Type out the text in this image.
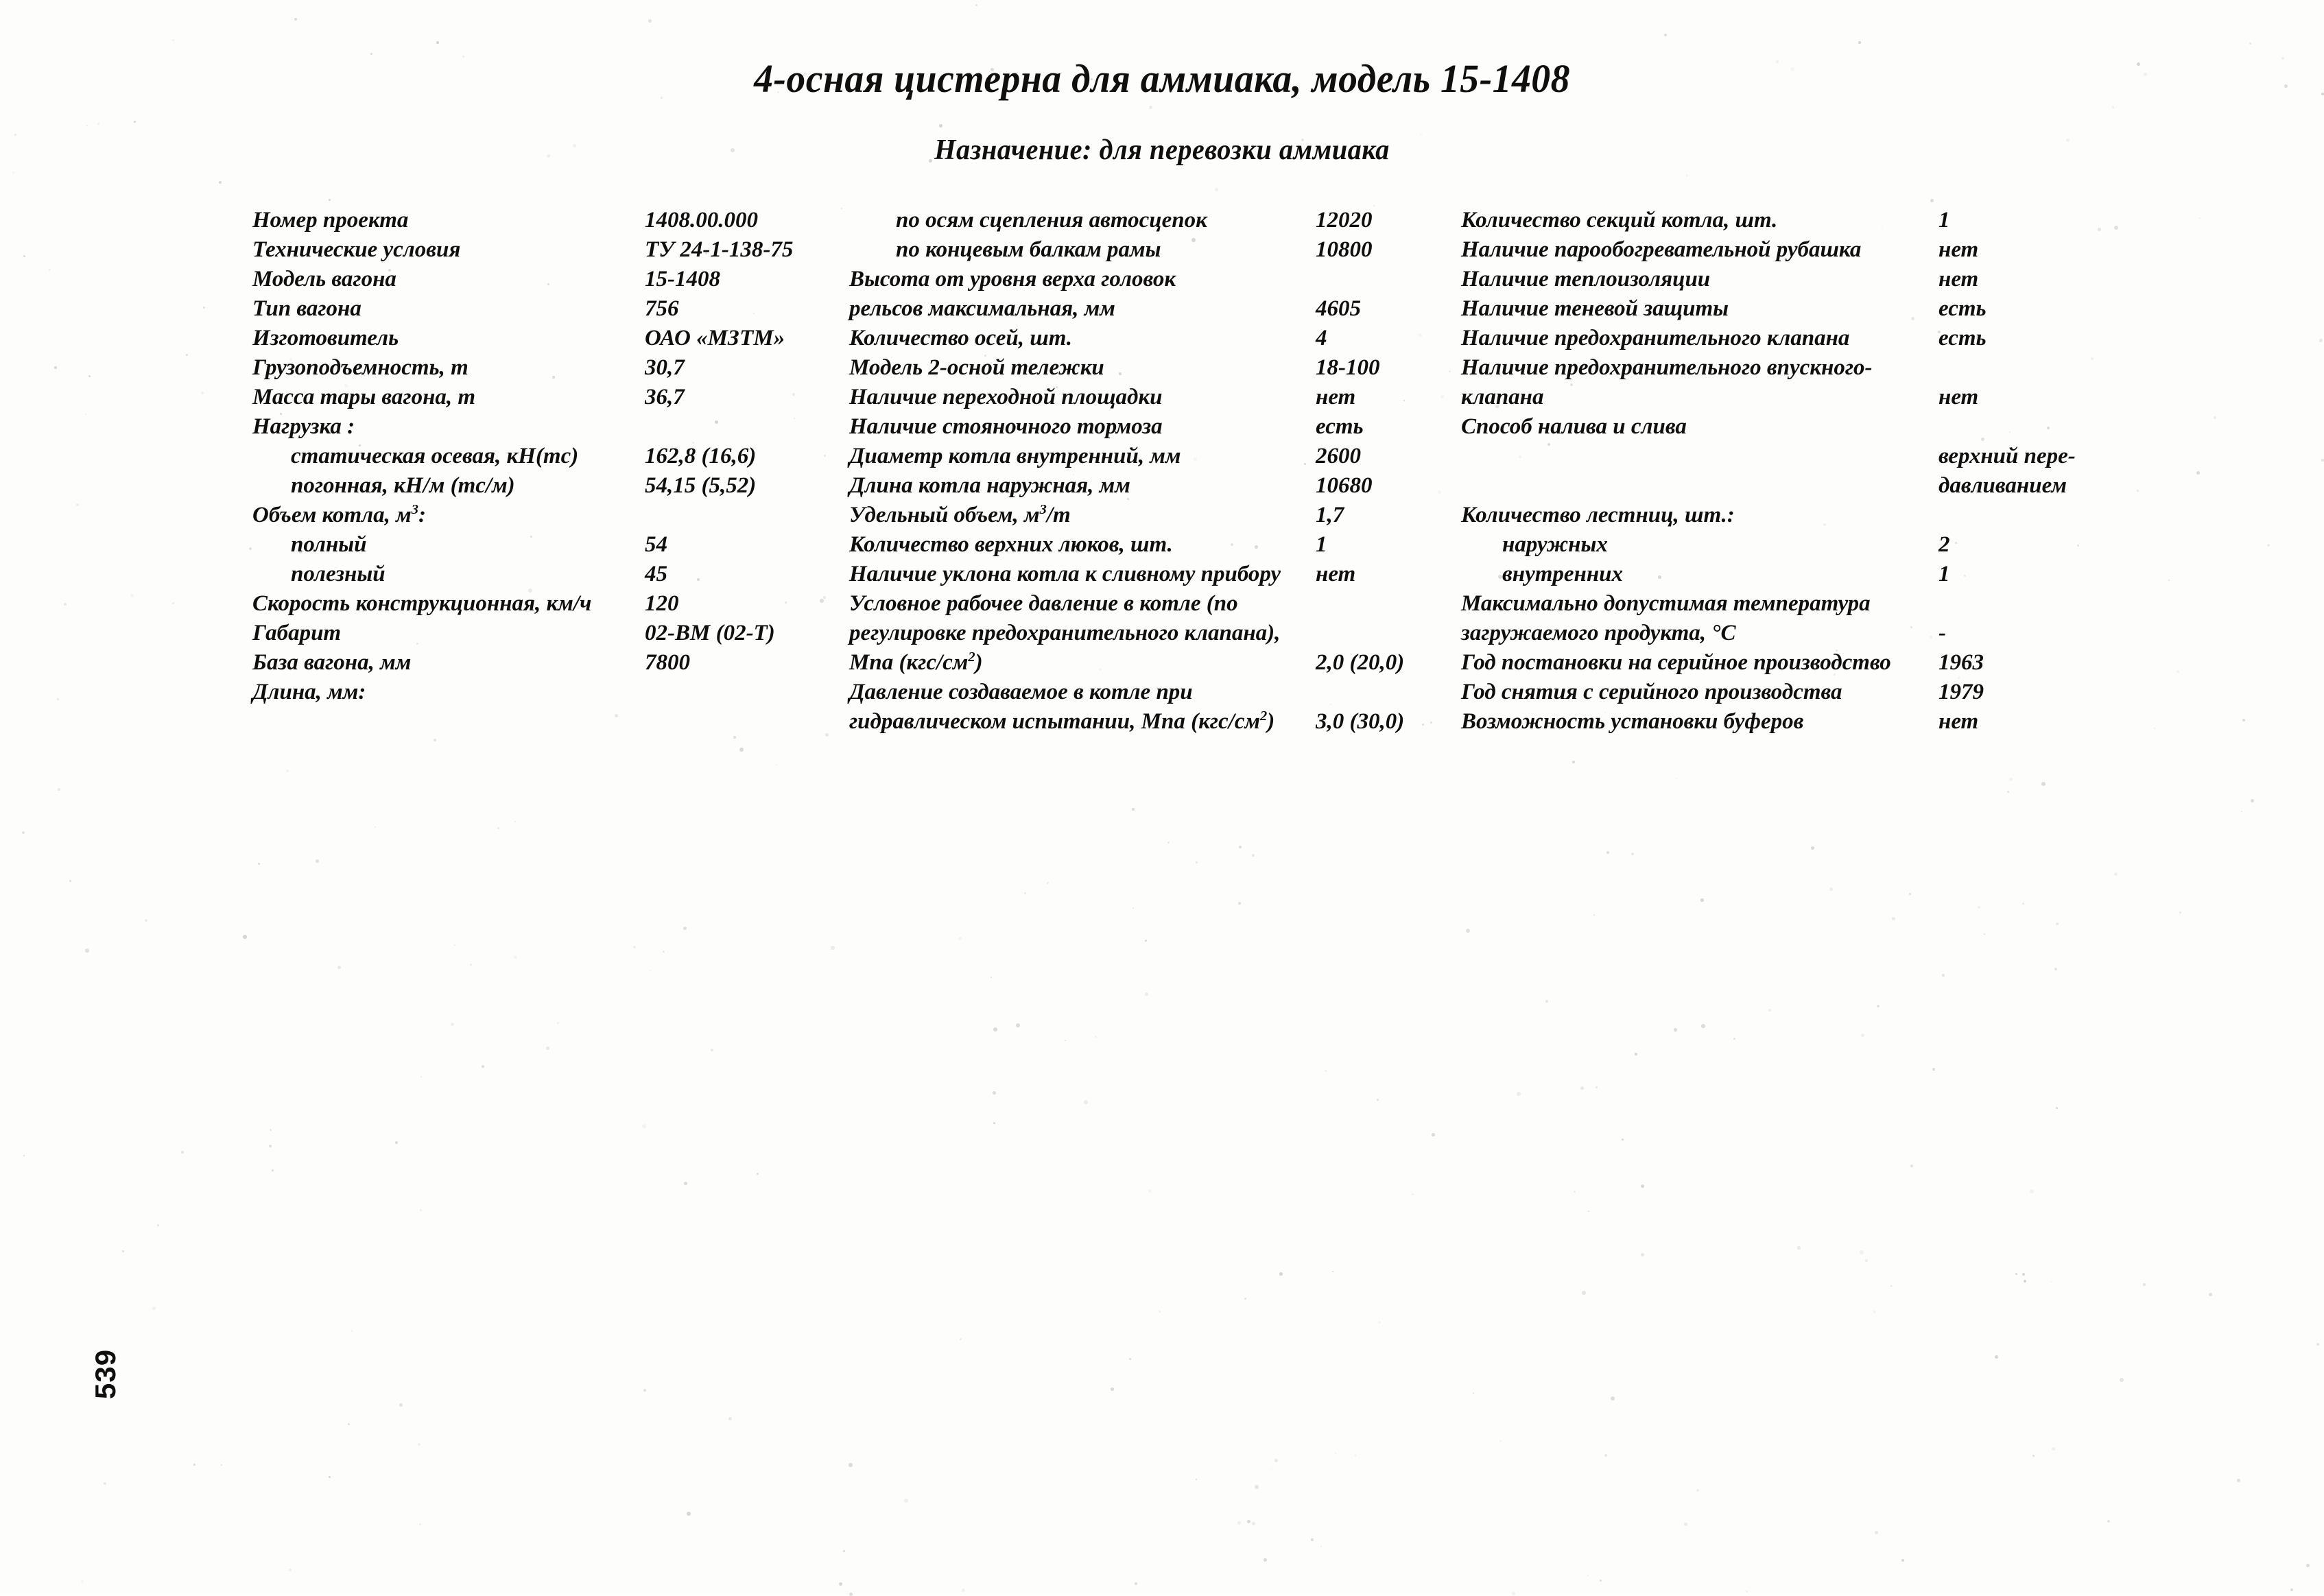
4-осная цистерна для аммиака, модель 15-1408
Назначение: для перевозки аммиака
Номер проекта	1408.00.000
Технические условия	ТУ 24-1-138-75
Модель вагона	15-1408
Тип вагона	756
Изготовитель	ОАО «МЗТМ»
Грузоподъемность, т	30,7
Масса тары вагона, т	36,7
Нагрузка :
статическая осевая, кН(тс)	162,8 (16,6)
погонная, кН/м (тс/м)	54,15 (5,52)
Объем котла, $м^3$:
полный	54
полезный	45
Скорость конструкционная, км/ч 120
Габарит	02-ВМ (02-Т)
База вагона, мм	7800
Длина, мм:
по осям сцепления автосцепок	12020
по концевым балкам рамы	10800
Высота от уровня верха головок
рельсов максимальная, мм	4605
Количество осей, шт.	4
Модель 2-осной тележки	18-100
Наличие переходной площадки	нет
Наличие стояночного тормоза	есть
Диаметр котла внутренний, мм	2600
Длина котла наружная, мм	10680
Удельный объем, $м^3/т$	1,7
Количество верхних люков, шт.	1
Наличие уклона котла к сливному прибору нет
Условное рабочее давление в котле (по
регулировке предохранительного клапана),
Мпа $(кгс/см^2)$	2,0 (20,0)
Давление создаваемое в котле при
гидравлическом испытании, Мпа $(кгс/см^2)$ 3,0 (30,0)
Количество секций котла, шт.	1
Наличие парообогревательной рубашка	нет
Наличие теплоизоляции	нет
Наличие теневой защиты	есть
Наличие предохранительного клапана	есть
Наличие предохранительного впускного-
клапана	нет
Способ налива и слива
верхний пере-
давливанием
Количество лестниц, шт.:
наружных	2
внутренних	1
Максимально допустимая температура
загружаемого продукта, °C	-
Год постановки на серийное производство 1963
Год снятия с серийного производства	1979
Возможность установки буферов	нет
539
